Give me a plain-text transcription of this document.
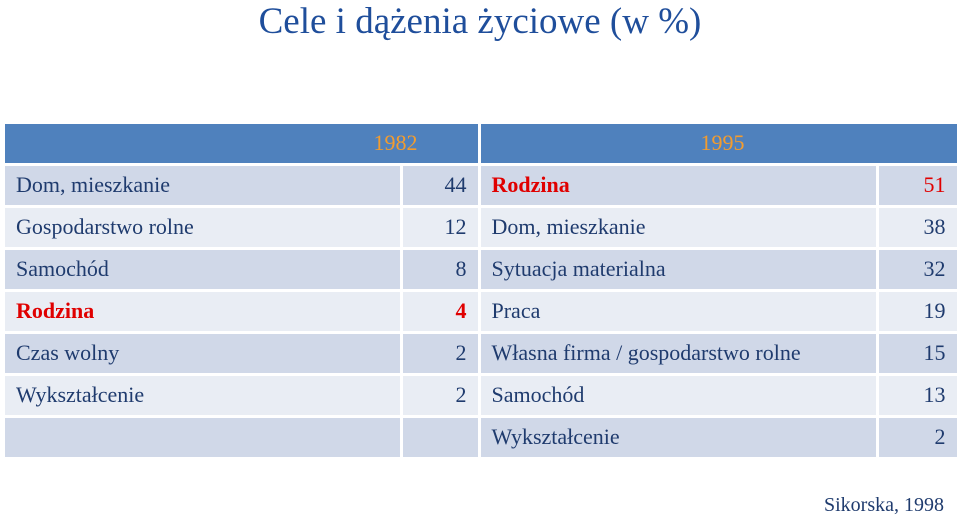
Cele i dążenia życiowe (w %)
1982		1995	
Dom, mieszkanie	44	Rodzina	51
Gospodarstwo rolne	12	Dom, mieszkanie	38
Samochód	8	Sytuacja materialna	32
Rodzina	4	Praca	19
Czas wolny	2	Własna firma / gospodarstwo rolne	15
Wykształcenie	2	Samochód	13
		Wykształcenie	2
Sikorska, 1998
